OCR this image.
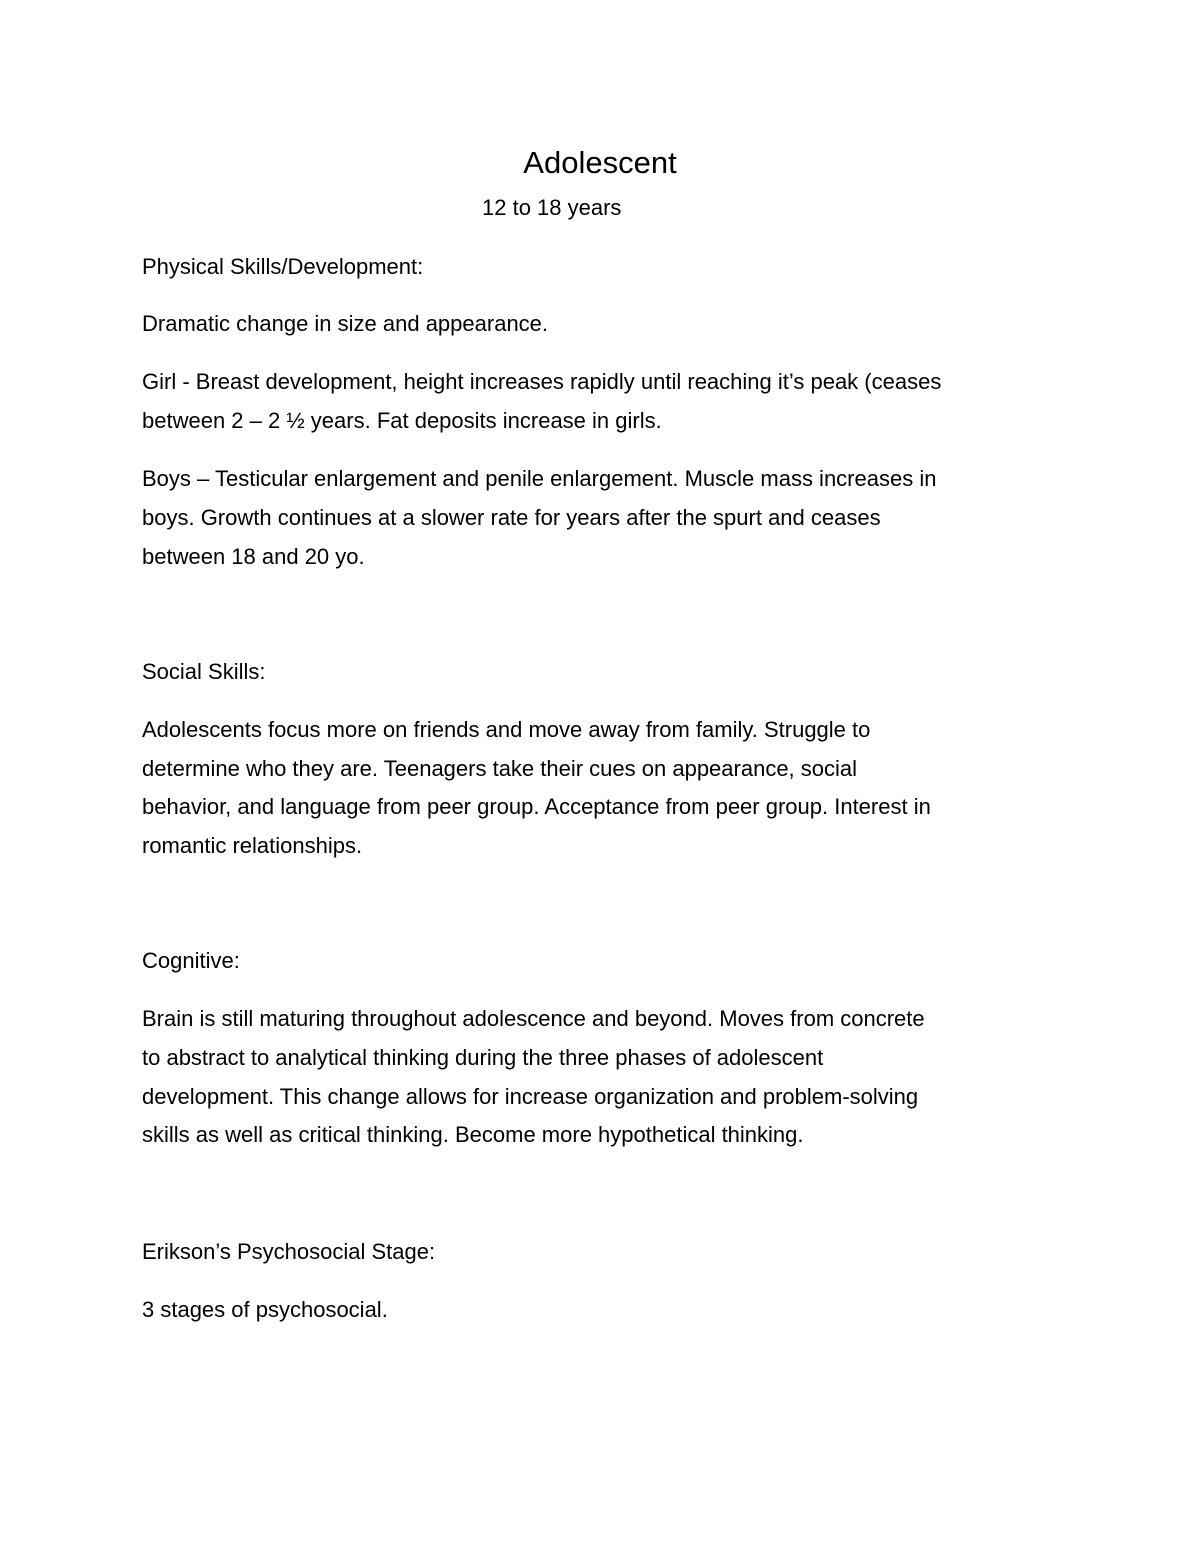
Adolescent
12 to 18 years
Physical Skills/Development:
Dramatic change in size and appearance.
Girl - Breast development, height increases rapidly until reaching it’s peak (ceases
between 2 – 2 ½ years. Fat deposits increase in girls.
Boys – Testicular enlargement and penile enlargement. Muscle mass increases in
boys. Growth continues at a slower rate for years after the spurt and ceases
between 18 and 20 yo.
Social Skills:
Adolescents focus more on friends and move away from family. Struggle to
determine who they are. Teenagers take their cues on appearance, social
behavior, and language from peer group. Acceptance from peer group. Interest in
romantic relationships.
Cognitive:
Brain is still maturing throughout adolescence and beyond. Moves from concrete
to abstract to analytical thinking during the three phases of adolescent
development. This change allows for increase organization and problem-solving
skills as well as critical thinking. Become more hypothetical thinking.
Erikson’s Psychosocial Stage:
3 stages of psychosocial.
